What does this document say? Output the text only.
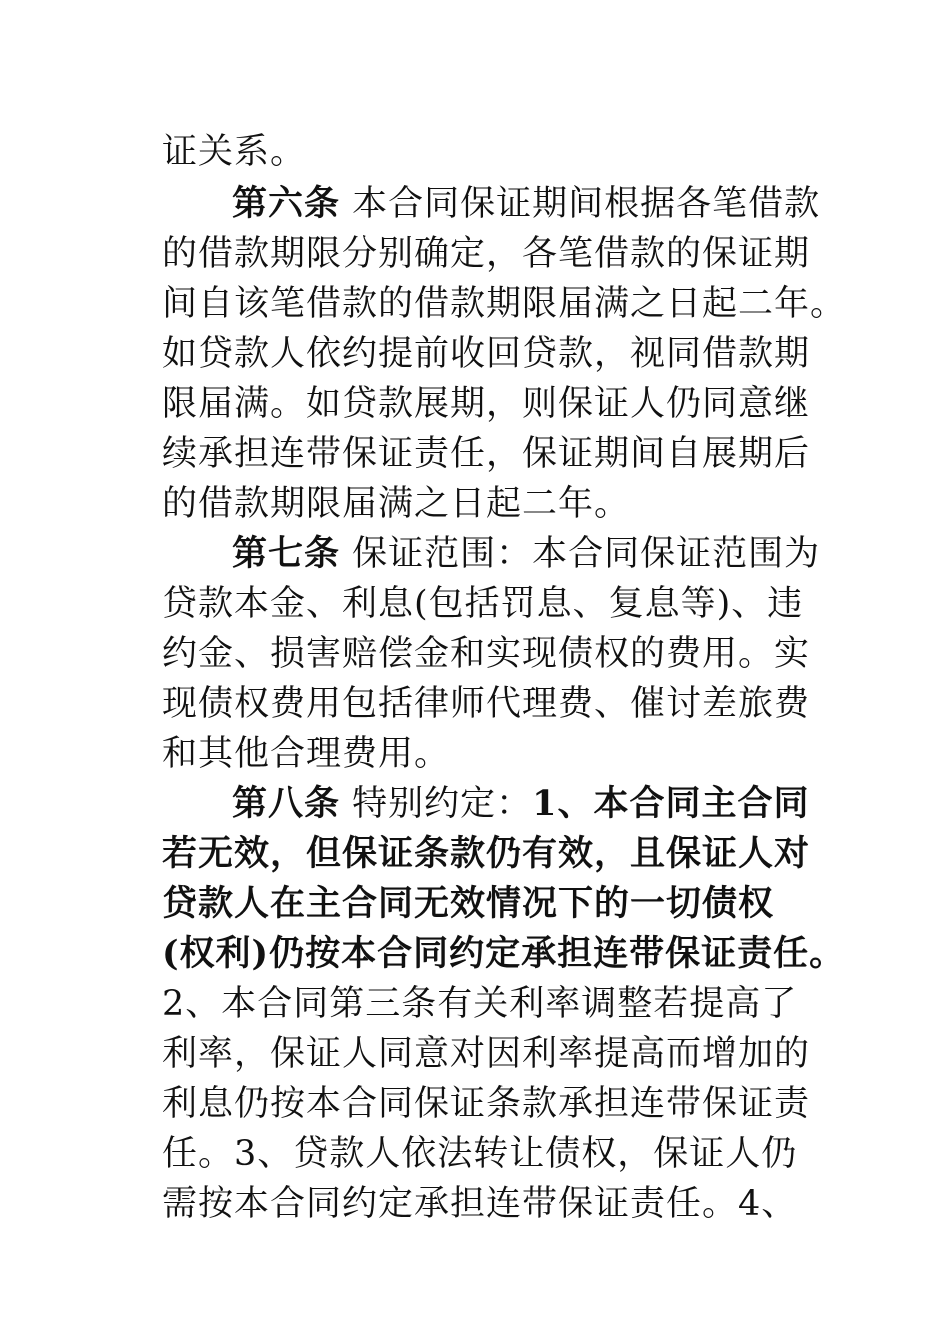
证关系。
第六条 本合同保证期间根据各笔借款
的借款期限分别确定，各笔借款的保证期
间自该笔借款的借款期限届满之日起二年。
如贷款人依约提前收回贷款，视同借款期
限届满。如贷款展期，则保证人仍同意继
续承担连带保证责任，保证期间自展期后
的借款期限届满之日起二年。
第七条 保证范围：本合同保证范围为
贷款本金、利息(包括罚息、复息等)、违
约金、损害赔偿金和实现债权的费用。实
现债权费用包括律师代理费、催讨差旅费
和其他合理费用。
第八条 特别约定：1、本合同主合同
若无效，但保证条款仍有效，且保证人对
贷款人在主合同无效情况下的一切债权
(权利)仍按本合同约定承担连带保证责任。
2、本合同第三条有关利率调整若提高了
利率，保证人同意对因利率提高而增加的
利息仍按本合同保证条款承担连带保证责
任。3、贷款人依法转让债权，保证人仍
需按本合同约定承担连带保证责任。4、
